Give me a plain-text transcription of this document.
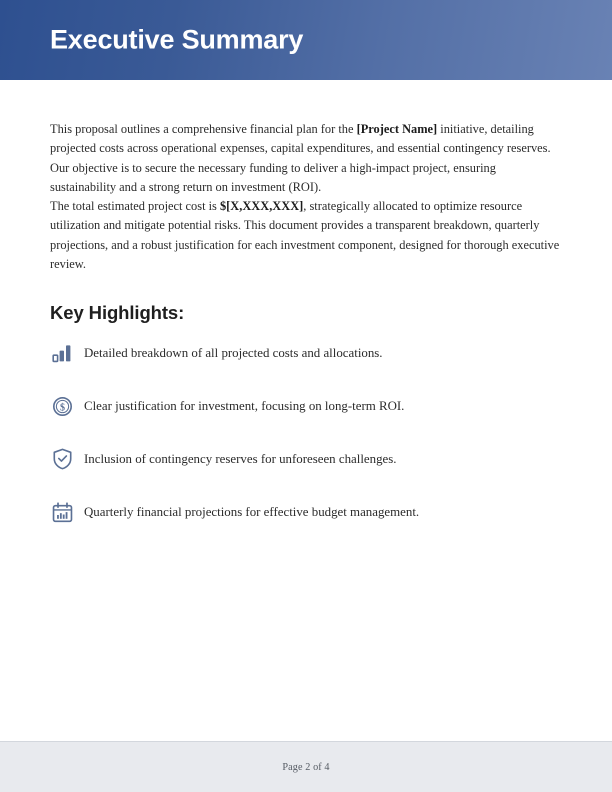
Executive Summary

This proposal outlines a comprehensive financial plan for the [Project Name] initiative, detailing projected costs across operational expenses, capital expenditures, and essential contingency reserves. Our objective is to secure the necessary funding to deliver a high-impact project, ensuring sustainability and a strong return on investment (ROI).

The total estimated project cost is $[X,XXX,XXX], strategically allocated to optimize resource utilization and mitigate potential risks. This document provides a transparent breakdown, quarterly projections, and a robust justification for each investment component, designed for thorough executive review.

Key Highlights:
Detailed breakdown of all projected costs and allocations.
$ Clear justification for investment, focusing on long-term ROI.
Inclusion of contingency reserves for unforeseen challenges.
Quarterly financial projections for effective budget management.
Page 2 of 4
